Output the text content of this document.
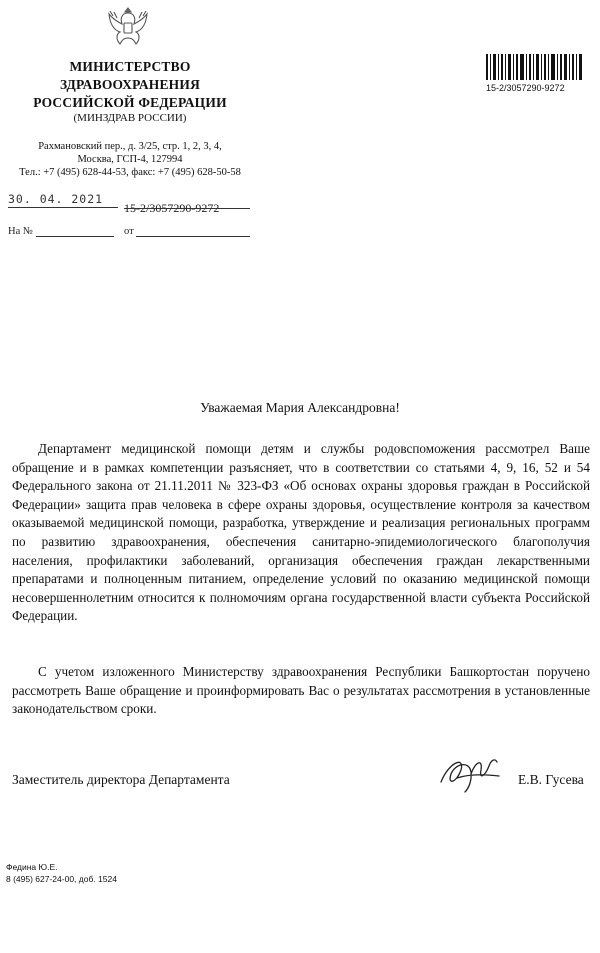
МИНИСТЕРСТВО
ЗДРАВООХРАНЕНИЯ
РОССИЙСКОЙ ФЕДЕРАЦИИ
(МИНЗДРАВ РОССИИ)
Рахмановский пер., д. 3/25, стр. 1, 2, 3, 4,
Москва, ГСП-4, 127994
Тел.: +7 (495) 628-44-53, факс: +7 (495) 628-50-58
30. 04. 2021
15-2/3057290-9272
На №	от
15-2/3057290-9272
Уважаемая Мария Александровна!
Департамент медицинской помощи детям и службы родовспоможения рассмотрел Ваше обращение и в рамках компетенции разъясняет, что в соответствии со статьями 4, 9, 16, 52 и 54 Федерального закона от 21.11.2011 № 323-ФЗ «Об основах охраны здоровья граждан в Российской Федерации» защита прав человека в сфере охраны здоровья, осуществление контроля за качеством оказываемой медицинской помощи, разработка, утверждение и реализация региональных программ по развитию здравоохранения, обеспечения санитарно-эпидемиологического благополучия населения, профилактики заболеваний, организация обеспечения граждан лекарственными препаратами и полноценным питанием, определение условий по оказанию медицинской помощи несовершеннолетним относится к полномочиям органа государственной власти субъекта Российской Федерации.
С учетом изложенного Министерству здравоохранения Республики Башкортостан поручено рассмотреть Ваше обращение и проинформировать Вас о результатах рассмотрения в установленные законодательством сроки.
Заместитель директора Департамента	Е.В. Гусева
Федина Ю.Е.
8 (495) 627-24-00, доб. 1524
